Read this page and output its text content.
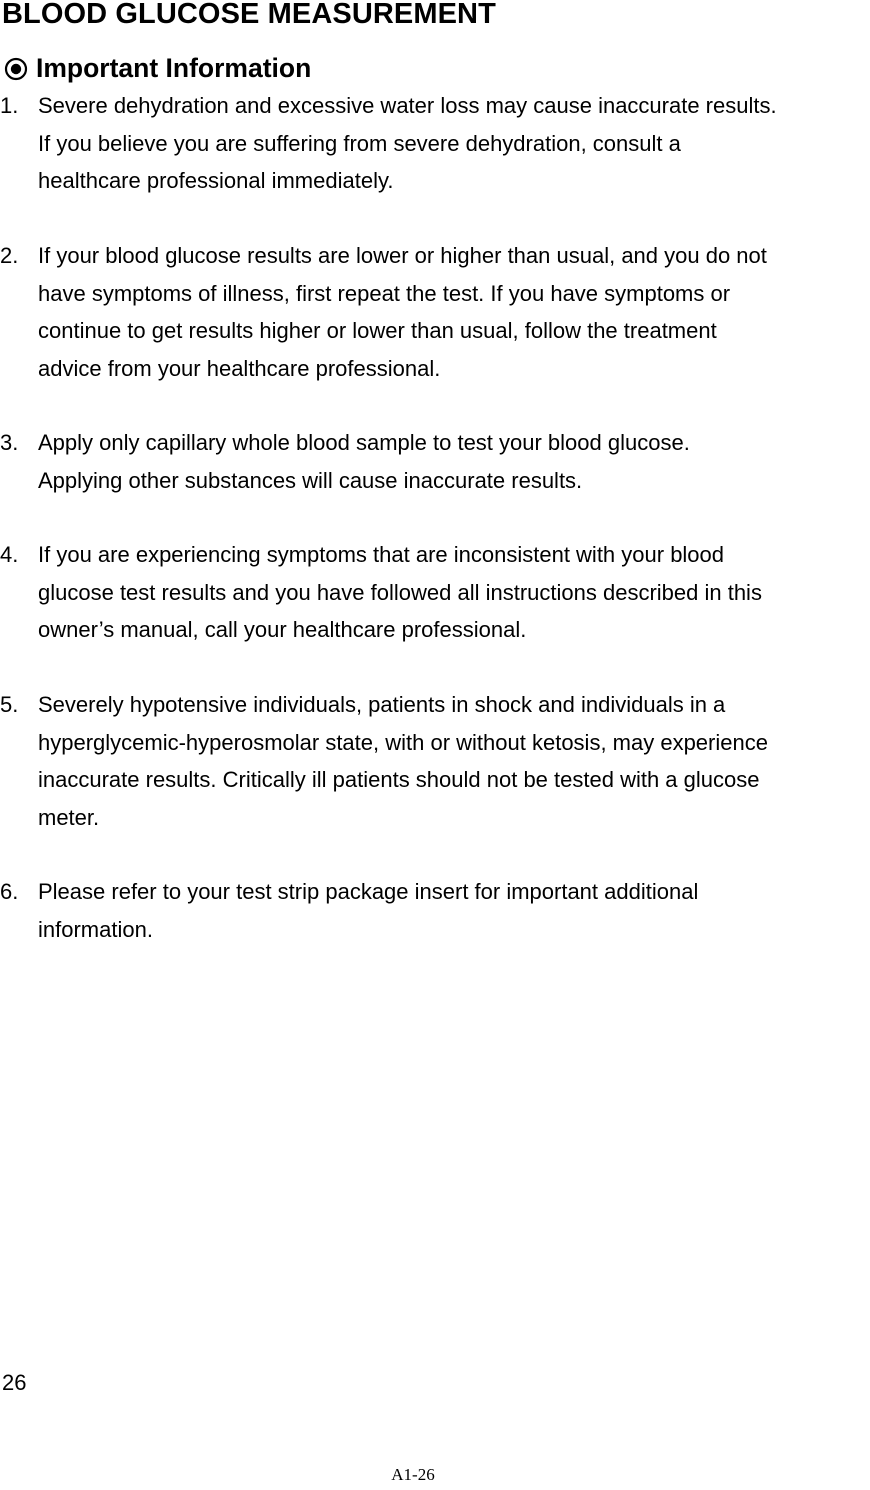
BLOOD GLUCOSE MEASUREMENT
Important Information
1. Severe dehydration and excessive water loss may cause inaccurate results.
If you believe you are suffering from severe dehydration, consult a
healthcare professional immediately.
2. If your blood glucose results are lower or higher than usual, and you do not
have symptoms of illness, first repeat the test. If you have symptoms or
continue to get results higher or lower than usual, follow the treatment
advice from your healthcare professional.
3. Apply only capillary whole blood sample to test your blood glucose.
Applying other substances will cause inaccurate results.
4. If you are experiencing symptoms that are inconsistent with your blood
glucose test results and you have followed all instructions described in this
owner’s manual, call your healthcare professional.
5. Severely hypotensive individuals, patients in shock and individuals in a
hyperglycemic-hyperosmolar state, with or without ketosis, may experience
inaccurate results. Critically ill patients should not be tested with a glucose
meter.
6. Please refer to your test strip package insert for important additional
information.
26
A1-26
